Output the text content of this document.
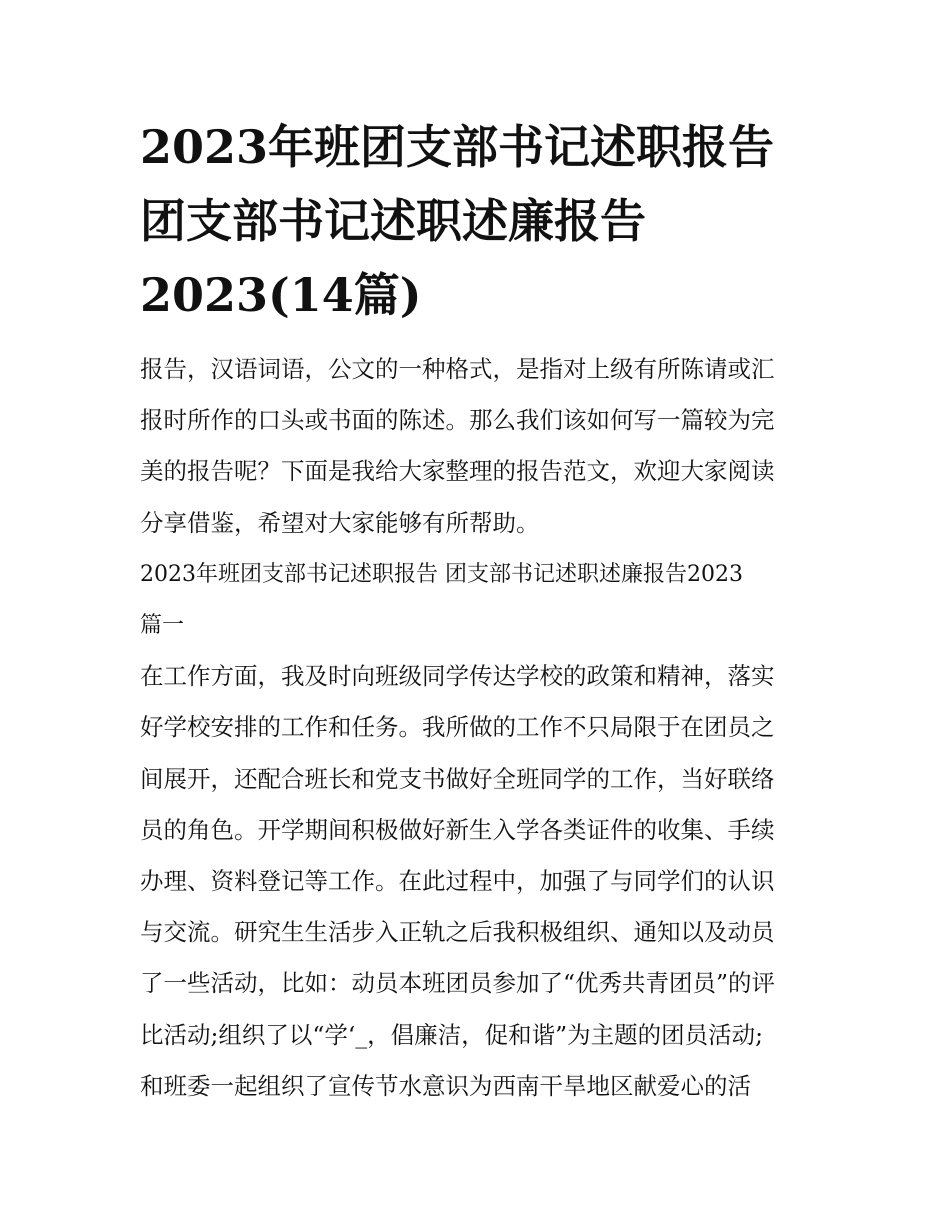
2023年班团支部书记述职报告
团支部书记述职述廉报告
2023(14篇)

报告，汉语词语，公文的一种格式，是指对上级有所陈请或汇
报时所作的口头或书面的陈述。那么我们该如何写一篇较为完
美的报告呢？下面是我给大家整理的报告范文，欢迎大家阅读
分享借鉴，希望对大家能够有所帮助。

2023年班团支部书记述职报告 团支部书记述职述廉报告2023
篇一

在工作方面，我及时向班级同学传达学校的政策和精神，落实
好学校安排的工作和任务。我所做的工作不只局限于在团员之
间展开，还配合班长和党支书做好全班同学的工作，当好联络
员的角色。开学期间积极做好新生入学各类证件的收集、手续
办理、资料登记等工作。在此过程中，加强了与同学们的认识
与交流。研究生生活步入正轨之后我积极组织、通知以及动员
了一些活动，比如：动员本班团员参加了“优秀共青团员”的评
比活动;组织了以“学‘_，倡廉洁，促和谐”为主题的团员活动;
和班委一起组织了宣传节水意识为西南干旱地区献爱心的活
